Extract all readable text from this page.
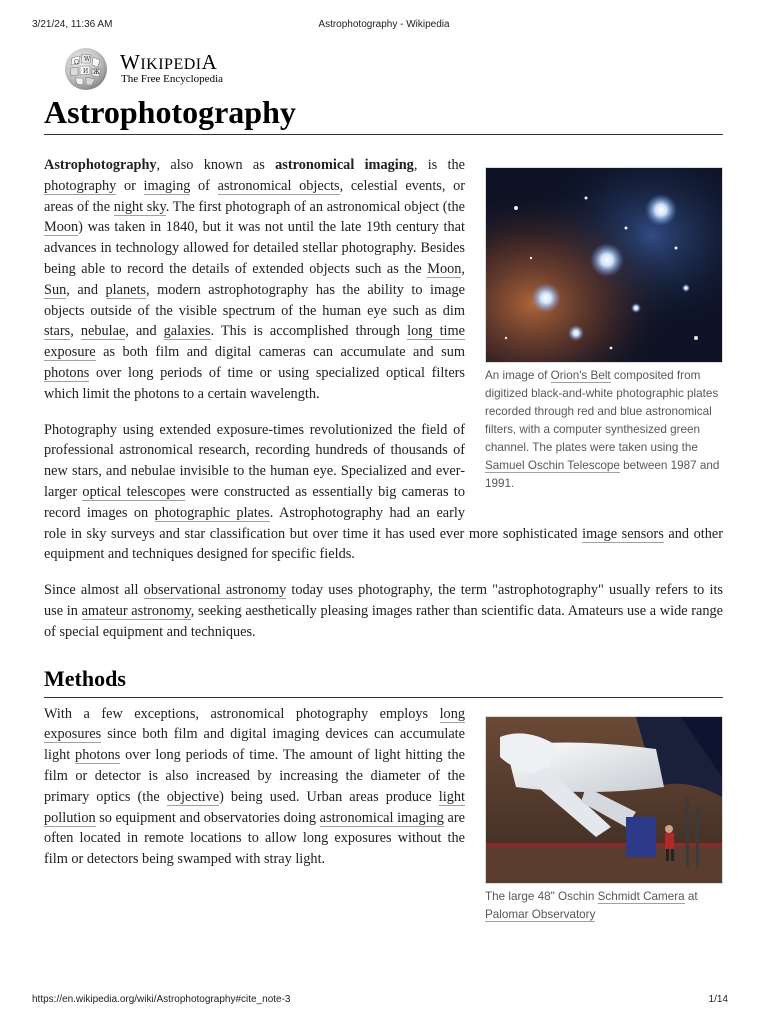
3/21/24, 11:36 AM	Astrophotography - Wikipedia
Ω W
И Ж WIKIPEDIA
The Free Encyclopedia
Astrophotography
An image of Orion's Belt composited from digitized black-and-white photographic plates recorded through red and blue astronomical filters, with a computer synthesized green channel. The plates were taken using the Samuel Oschin Telescope between 1987 and 1991.

Astrophotography, also known as astronomical imaging, is the photography or imaging of astronomical objects, celestial events, or areas of the night sky. The first photograph of an astronomical object (the Moon) was taken in 1840, but it was not until the late 19th century that advances in technology allowed for detailed stellar photography. Besides being able to record the details of extended objects such as the Moon, Sun, and planets, modern astrophotography has the ability to image objects outside of the visible spectrum of the human eye such as dim stars, nebulae, and galaxies. This is accomplished through long time exposure as both film and digital cameras can accumulate and sum photons over long periods of time or using specialized optical filters which limit the photons to a certain wavelength.

Photography using extended exposure-times revolutionized the field of professional astronomical research, recording hundreds of thousands of new stars, and nebulae invisible to the human eye. Specialized and ever-larger optical telescopes were constructed as essentially big cameras to record images on photographic plates. Astrophotography had an early role in sky surveys and star classification but over time it has used ever more sophisticated image sensors and other equipment and techniques designed for specific fields.

Since almost all observational astronomy today uses photography, the term "astrophotography" usually refers to its use in amateur astronomy, seeking aesthetically pleasing images rather than scientific data. Amateurs use a wide range of special equipment and techniques.

Methods
The large 48" Oschin Schmidt Camera at Palomar Observatory

With a few exceptions, astronomical photography employs long exposures since both film and digital imaging devices can accumulate light photons over long periods of time. The amount of light hitting the film or detector is also increased by increasing the diameter of the primary optics (the objective) being used. Urban areas produce light pollution so equipment and observatories doing astronomical imaging are often located in remote locations to allow long exposures without the film or detectors being swamped with stray light.

https://en.wikipedia.org/wiki/Astrophotography#cite_note-3	1/14
